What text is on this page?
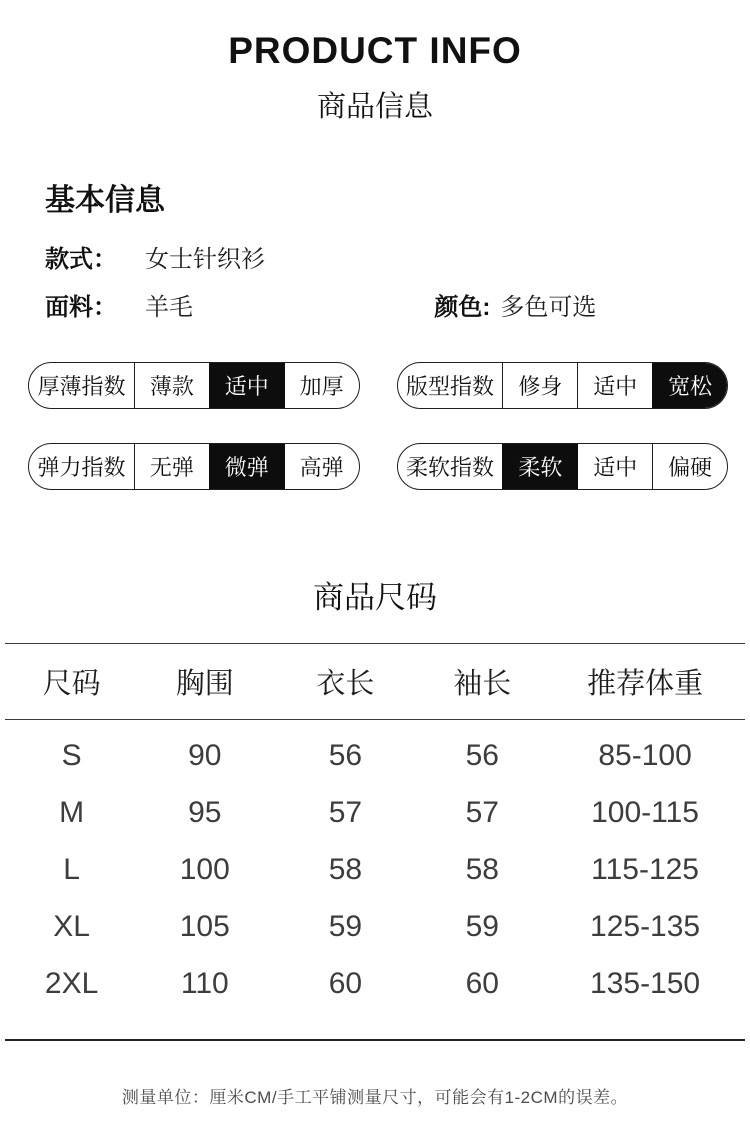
PRODUCT INFO
商品信息
基本信息
款式： 女士针织衫
面料： 羊毛	颜色: 多色可选
厚薄指数	薄款	适中	加厚	版型指数	修身	适中	宽松
弹力指数	无弹	微弹	高弹	柔软指数	柔软	适中	偏硬
商品尺码
尺码	胸围	衣长	袖长	推荐体重
S	90	56	56	85-100
M	95	57	57	100-115
L	100	58	58	115-125
XL	105	59	59	125-135
2XL	110	60	60	135-150
测量单位：厘米CM/手工平铺测量尺寸，可能会有1-2CM的误差。
